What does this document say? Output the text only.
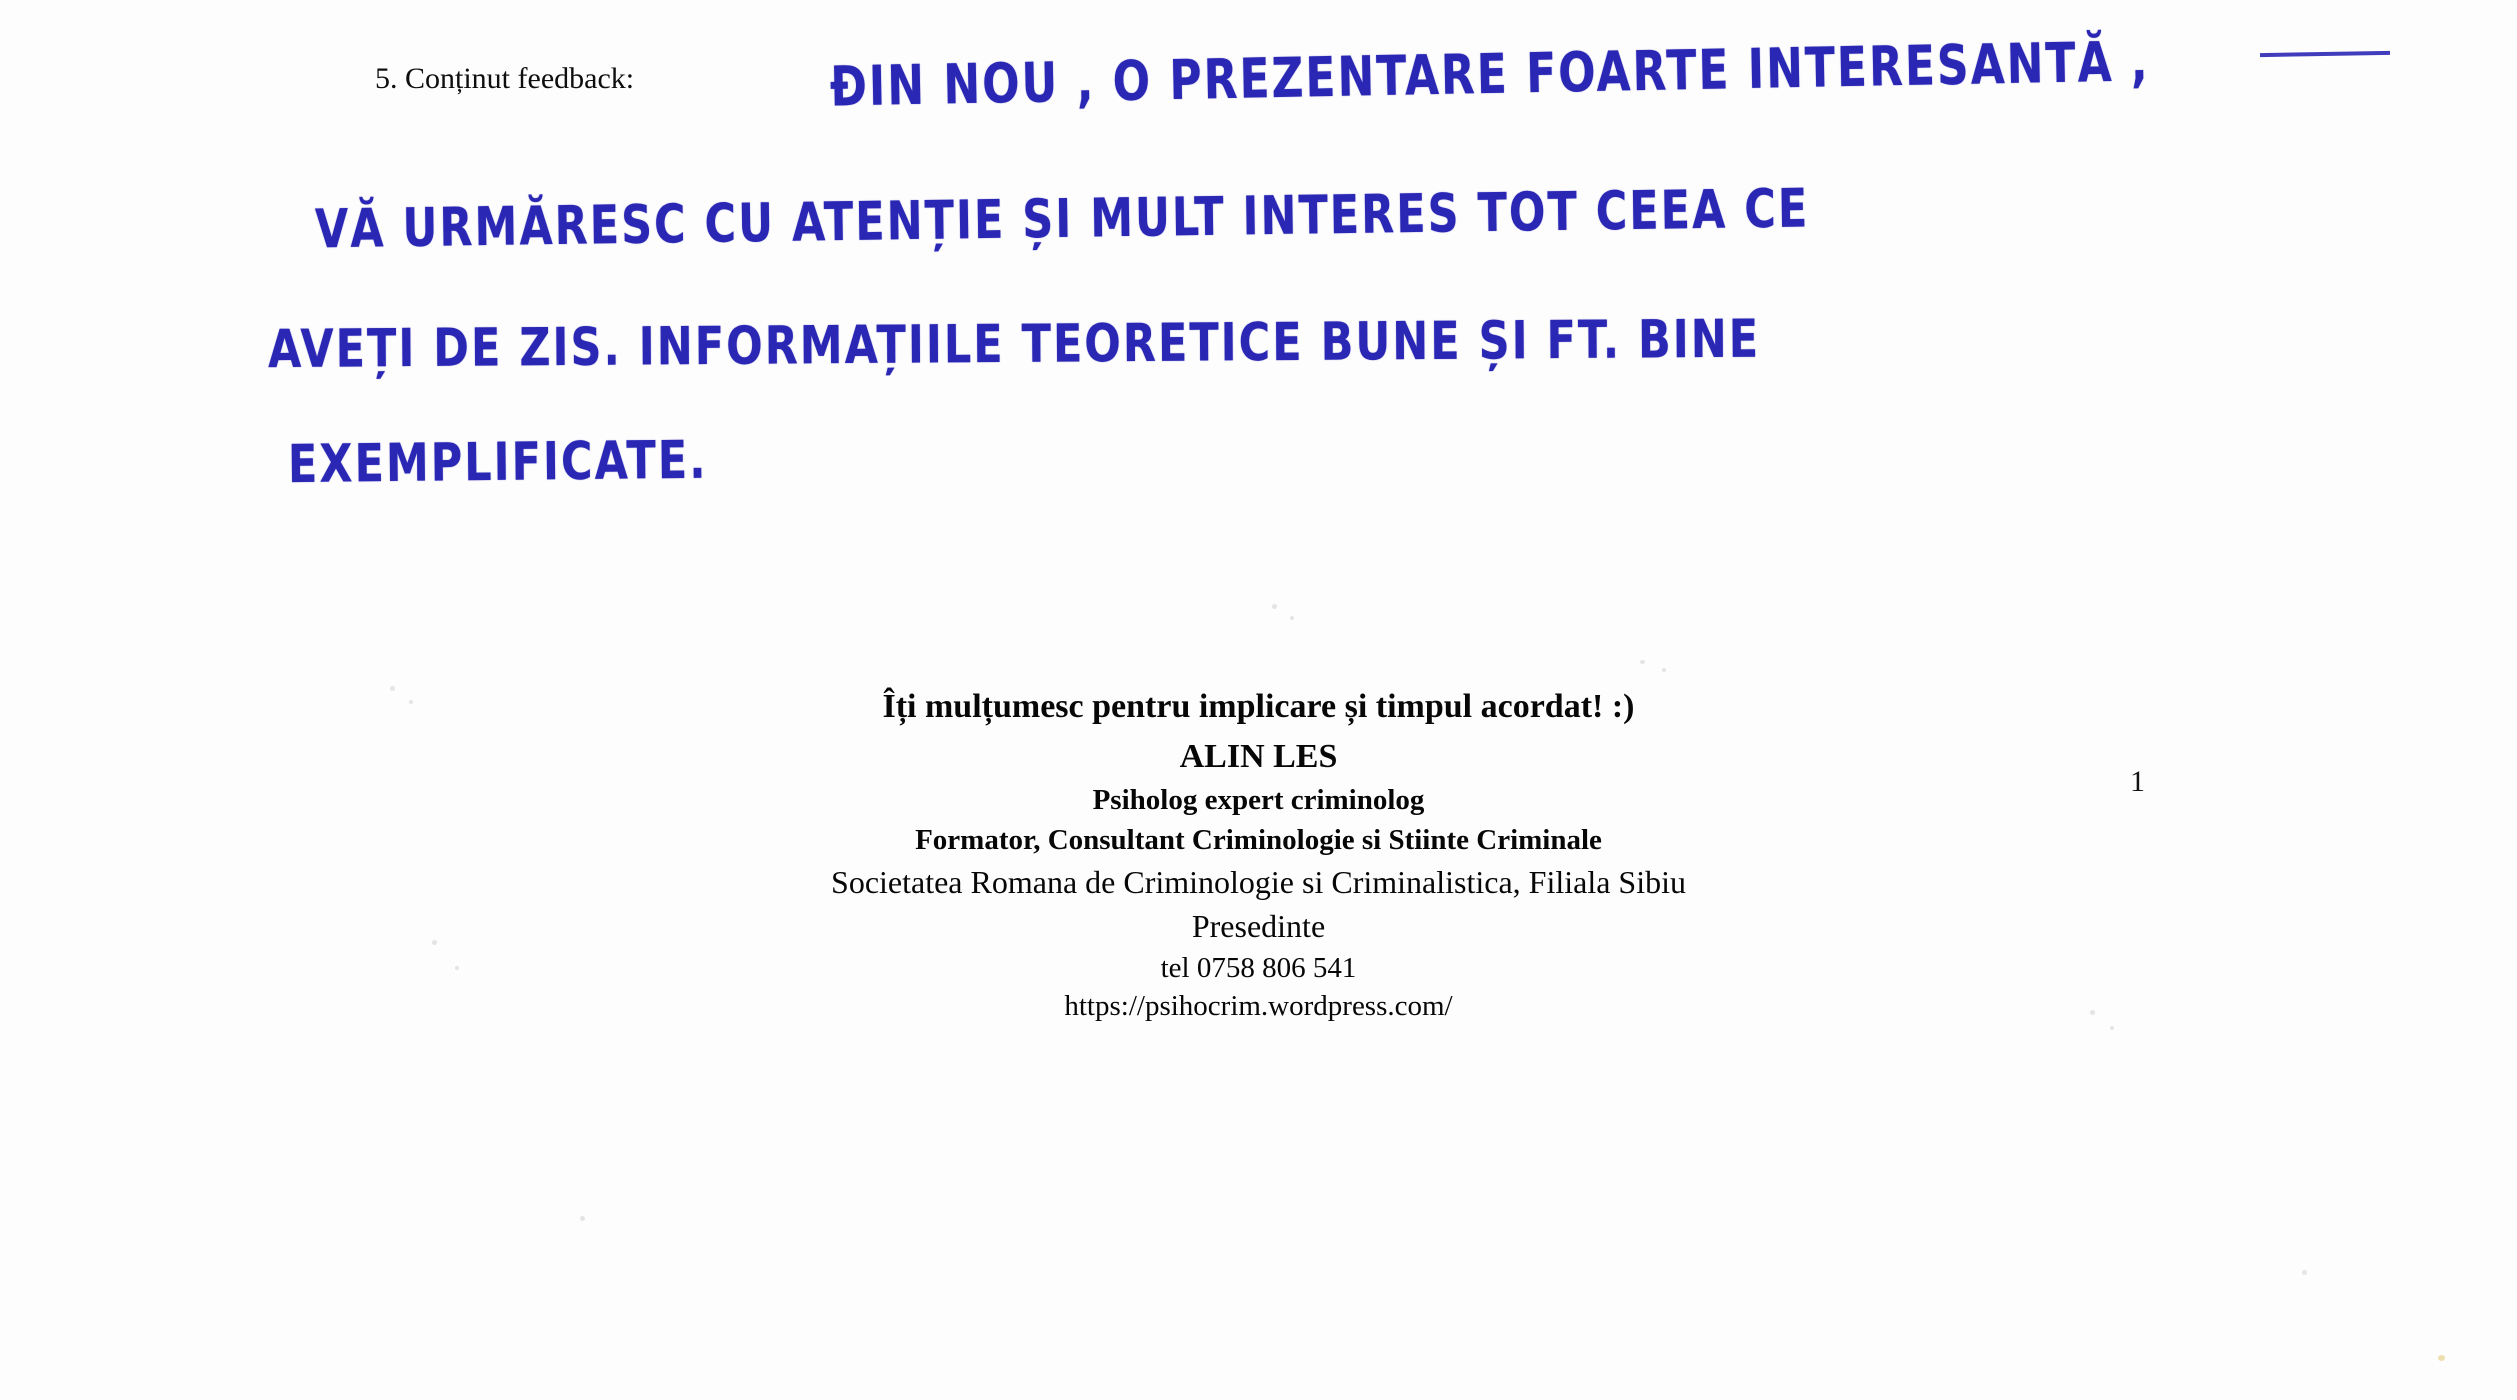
5. Conținut feedback:	ÐIN NOU , O PREZENTARE FOARTE INTERESANTĂ ,
VĂ URMĂRESC CU ATENȚIE ȘI MULT INTERES TOT CEEA CE
AVEȚI DE ZIS. INFORMAȚIILE TEORETICE BUNE ȘI FT. BINE
EXEMPLIFICATE.
Îți mulțumesc pentru implicare și timpul acordat! :)
ALIN LES
Psiholog expert criminolog
Formator, Consultant Criminologie si Stiinte Criminale
Societatea Romana de Criminologie si Criminalistica, Filiala Sibiu
Presedinte
tel 0758 806 541
https://psihocrim.wordpress.com/
1
